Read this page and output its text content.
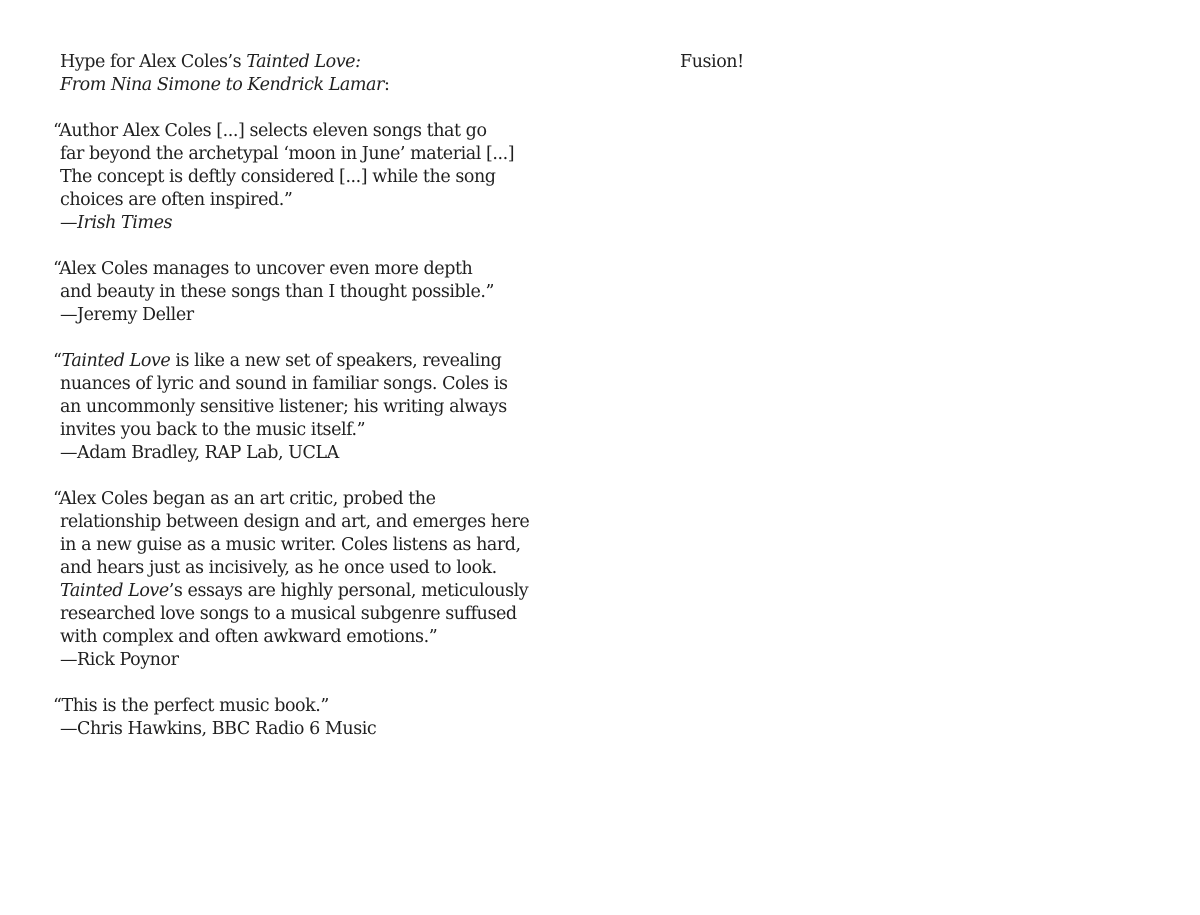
Hype for Alex Coles’s Tainted Love:
From Nina Simone to Kendrick Lamar:
“Author Alex Coles [...] selects eleven songs that go
far beyond the archetypal ‘moon in June’ material [...]
The concept is deftly considered [...] while the song
choices are often inspired.”
—Irish Times
“Alex Coles manages to uncover even more depth
and beauty in these songs than I thought possible.”
—Jeremy Deller
“Tainted Love is like a new set of speakers, revealing
nuances of lyric and sound in familiar songs. Coles is
an uncommonly sensitive listener; his writing always
invites you back to the music itself.”
—Adam Bradley, RAP Lab, UCLA
“Alex Coles began as an art critic, probed the
relationship between design and art, and emerges here
in a new guise as a music writer. Coles listens as hard,
and hears just as incisively, as he once used to look.
Tainted Love’s essays are highly personal, meticulously
researched love songs to a musical subgenre suffused
with complex and often awkward emotions.”
—Rick Poynor
“This is the perfect music book.”
—Chris Hawkins, BBC Radio 6 Music
Fusion!
